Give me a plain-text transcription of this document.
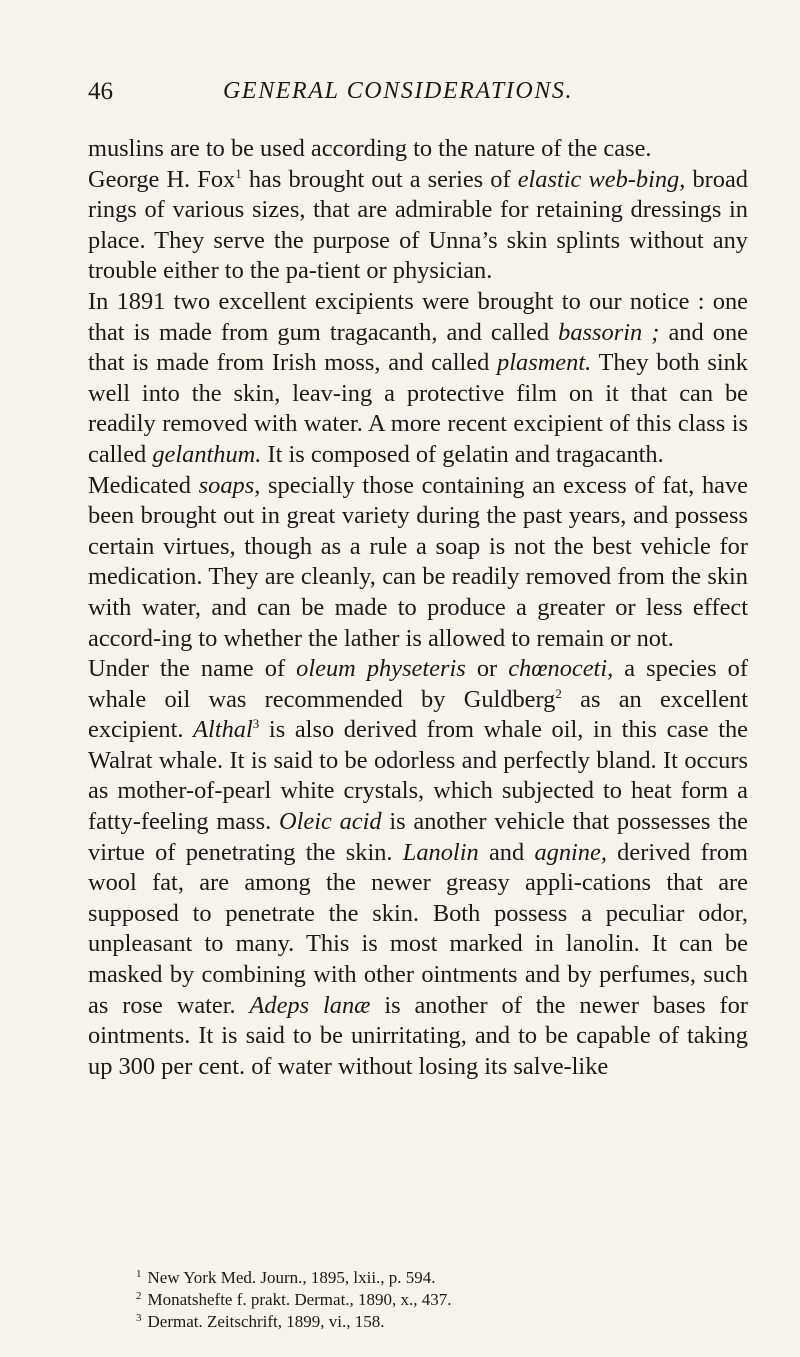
46	GENERAL CONSIDERATIONS.

muslins are to be used according to the nature of the case.

George H. Fox$^1$ has brought out a series of elastic web-bing, broad rings of various sizes, that are admirable for retaining dressings in place. They serve the purpose of Unna’s skin splints without any trouble either to the pa-tient or physician.

In 1891 two excellent excipients were brought to our notice : one that is made from gum tragacanth, and called bassorin ; and one that is made from Irish moss, and called plasment. They both sink well into the skin, leav-ing a protective film on it that can be readily removed with water. A more recent excipient of this class is called gelanthum. It is composed of gelatin and tragacanth.

Medicated soaps, specially those containing an excess of fat, have been brought out in great variety during the past years, and possess certain virtues, though as a rule a soap is not the best vehicle for medication. They are cleanly, can be readily removed from the skin with water, and can be made to produce a greater or less effect accord-ing to whether the lather is allowed to remain or not.

Under the name of oleum physeteris or chœnoceti, a species of whale oil was recommended by Guldberg$^2$ as an excellent excipient. Althal$^3$ is also derived from whale oil, in this case the Walrat whale. It is said to be odorless and perfectly bland. It occurs as mother-of-pearl white crystals, which subjected to heat form a fatty-feeling mass. Oleic acid is another vehicle that possesses the virtue of penetrating the skin. Lanolin and agnine, derived from wool fat, are among the newer greasy appli-cations that are supposed to penetrate the skin. Both possess a peculiar odor, unpleasant to many. This is most marked in lanolin. It can be masked by combining with other ointments and by perfumes, such as rose water. Adeps lanæ is another of the newer bases for ointments. It is said to be unirritating, and to be capable of taking up 300 per cent. of water without losing its salve-like

$^1$ New York Med. Journ., 1895, lxii., p. 594.
$^2$ Monatshefte f. prakt. Dermat., 1890, x., 437.
$^3$ Dermat. Zeitschrift, 1899, vi., 158.
